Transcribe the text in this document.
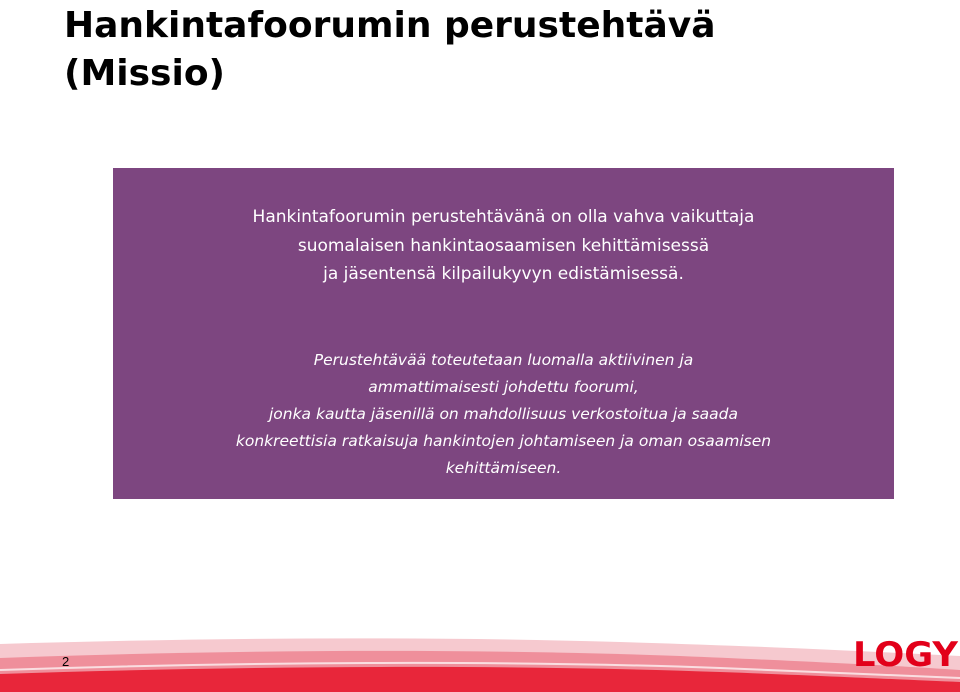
Hankintafoorumin perustehtävä
(Missio)
Hankintafoorumin perustehtävänä on olla vahva vaikuttaja
suomalaisen hankintaosaamisen kehittämisessä
ja jäsentensä kilpailukyvyn edistämisessä.
Perustehtävää toteutetaan luomalla aktiivinen ja
ammattimaisesti johdettu foorumi,
jonka kautta jäsenillä on mahdollisuus verkostoitua ja saada
konkreettisia ratkaisuja hankintojen johtamiseen ja oman osaamisen
kehittämiseen.
2	LOGY
